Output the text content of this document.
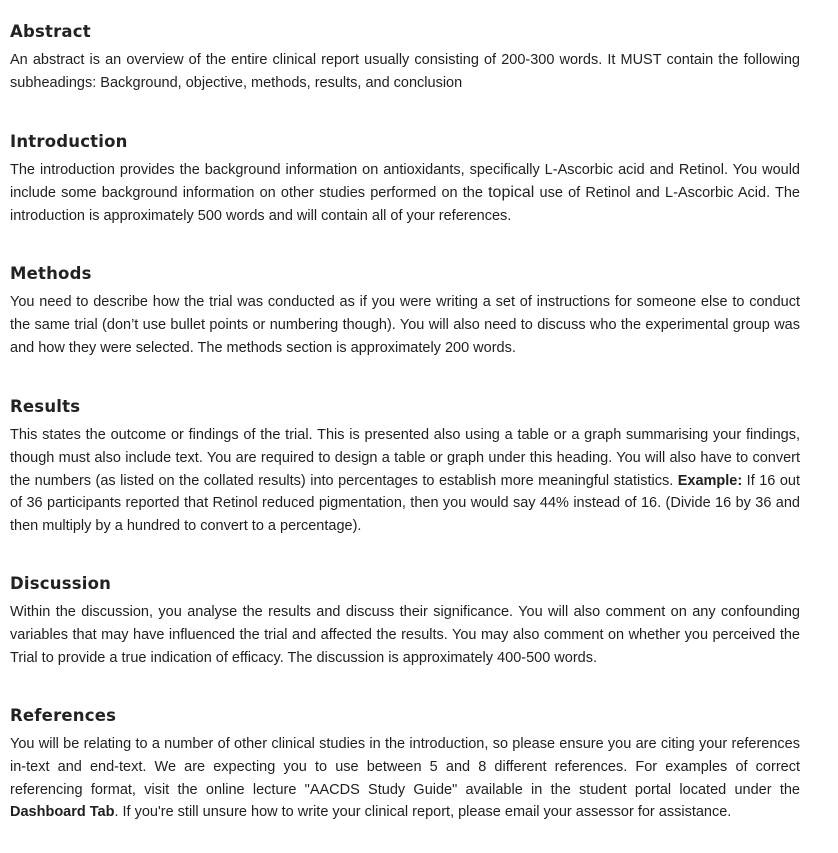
Abstract

An abstract is an overview of the entire clinical report usually consisting of 200-300 words. It MUST contain the following subheadings: Background, objective, methods, results, and conclusion

Introduction

The introduction provides the background information on antioxidants, specifically L-Ascorbic acid and Retinol. You would include some background information on other studies performed on the topical use of Retinol and L-Ascorbic Acid. The introduction is approximately 500 words and will contain all of your references.

Methods

You need to describe how the trial was conducted as if you were writing a set of instructions for someone else to conduct the same trial (don’t use bullet points or numbering though). You will also need to discuss who the experimental group was and how they were selected. The methods section is approximately 200 words.

Results

This states the outcome or findings of the trial. This is presented also using a table or a graph summarising your findings, though must also include text. You are required to design a table or graph under this heading. You will also have to convert the numbers (as listed on the collated results) into percentages to establish more meaningful statistics. Example: If 16 out of 36 participants reported that Retinol reduced pigmentation, then you would say 44% instead of 16. (Divide 16 by 36 and then multiply by a hundred to convert to a percentage).

Discussion

Within the discussion, you analyse the results and discuss their significance. You will also comment on any confounding variables that may have influenced the trial and affected the results. You may also comment on whether you perceived the Trial to provide a true indication of efficacy. The discussion is approximately 400-500 words.

References

You will be relating to a number of other clinical studies in the introduction, so please ensure you are citing your references in-text and end-text. We are expecting you to use between 5 and 8 different references. For examples of correct referencing format, visit the online lecture "AACDS Study Guide" available in the student portal located under the Dashboard Tab. If you're still unsure how to write your clinical report, please email your assessor for assistance.
